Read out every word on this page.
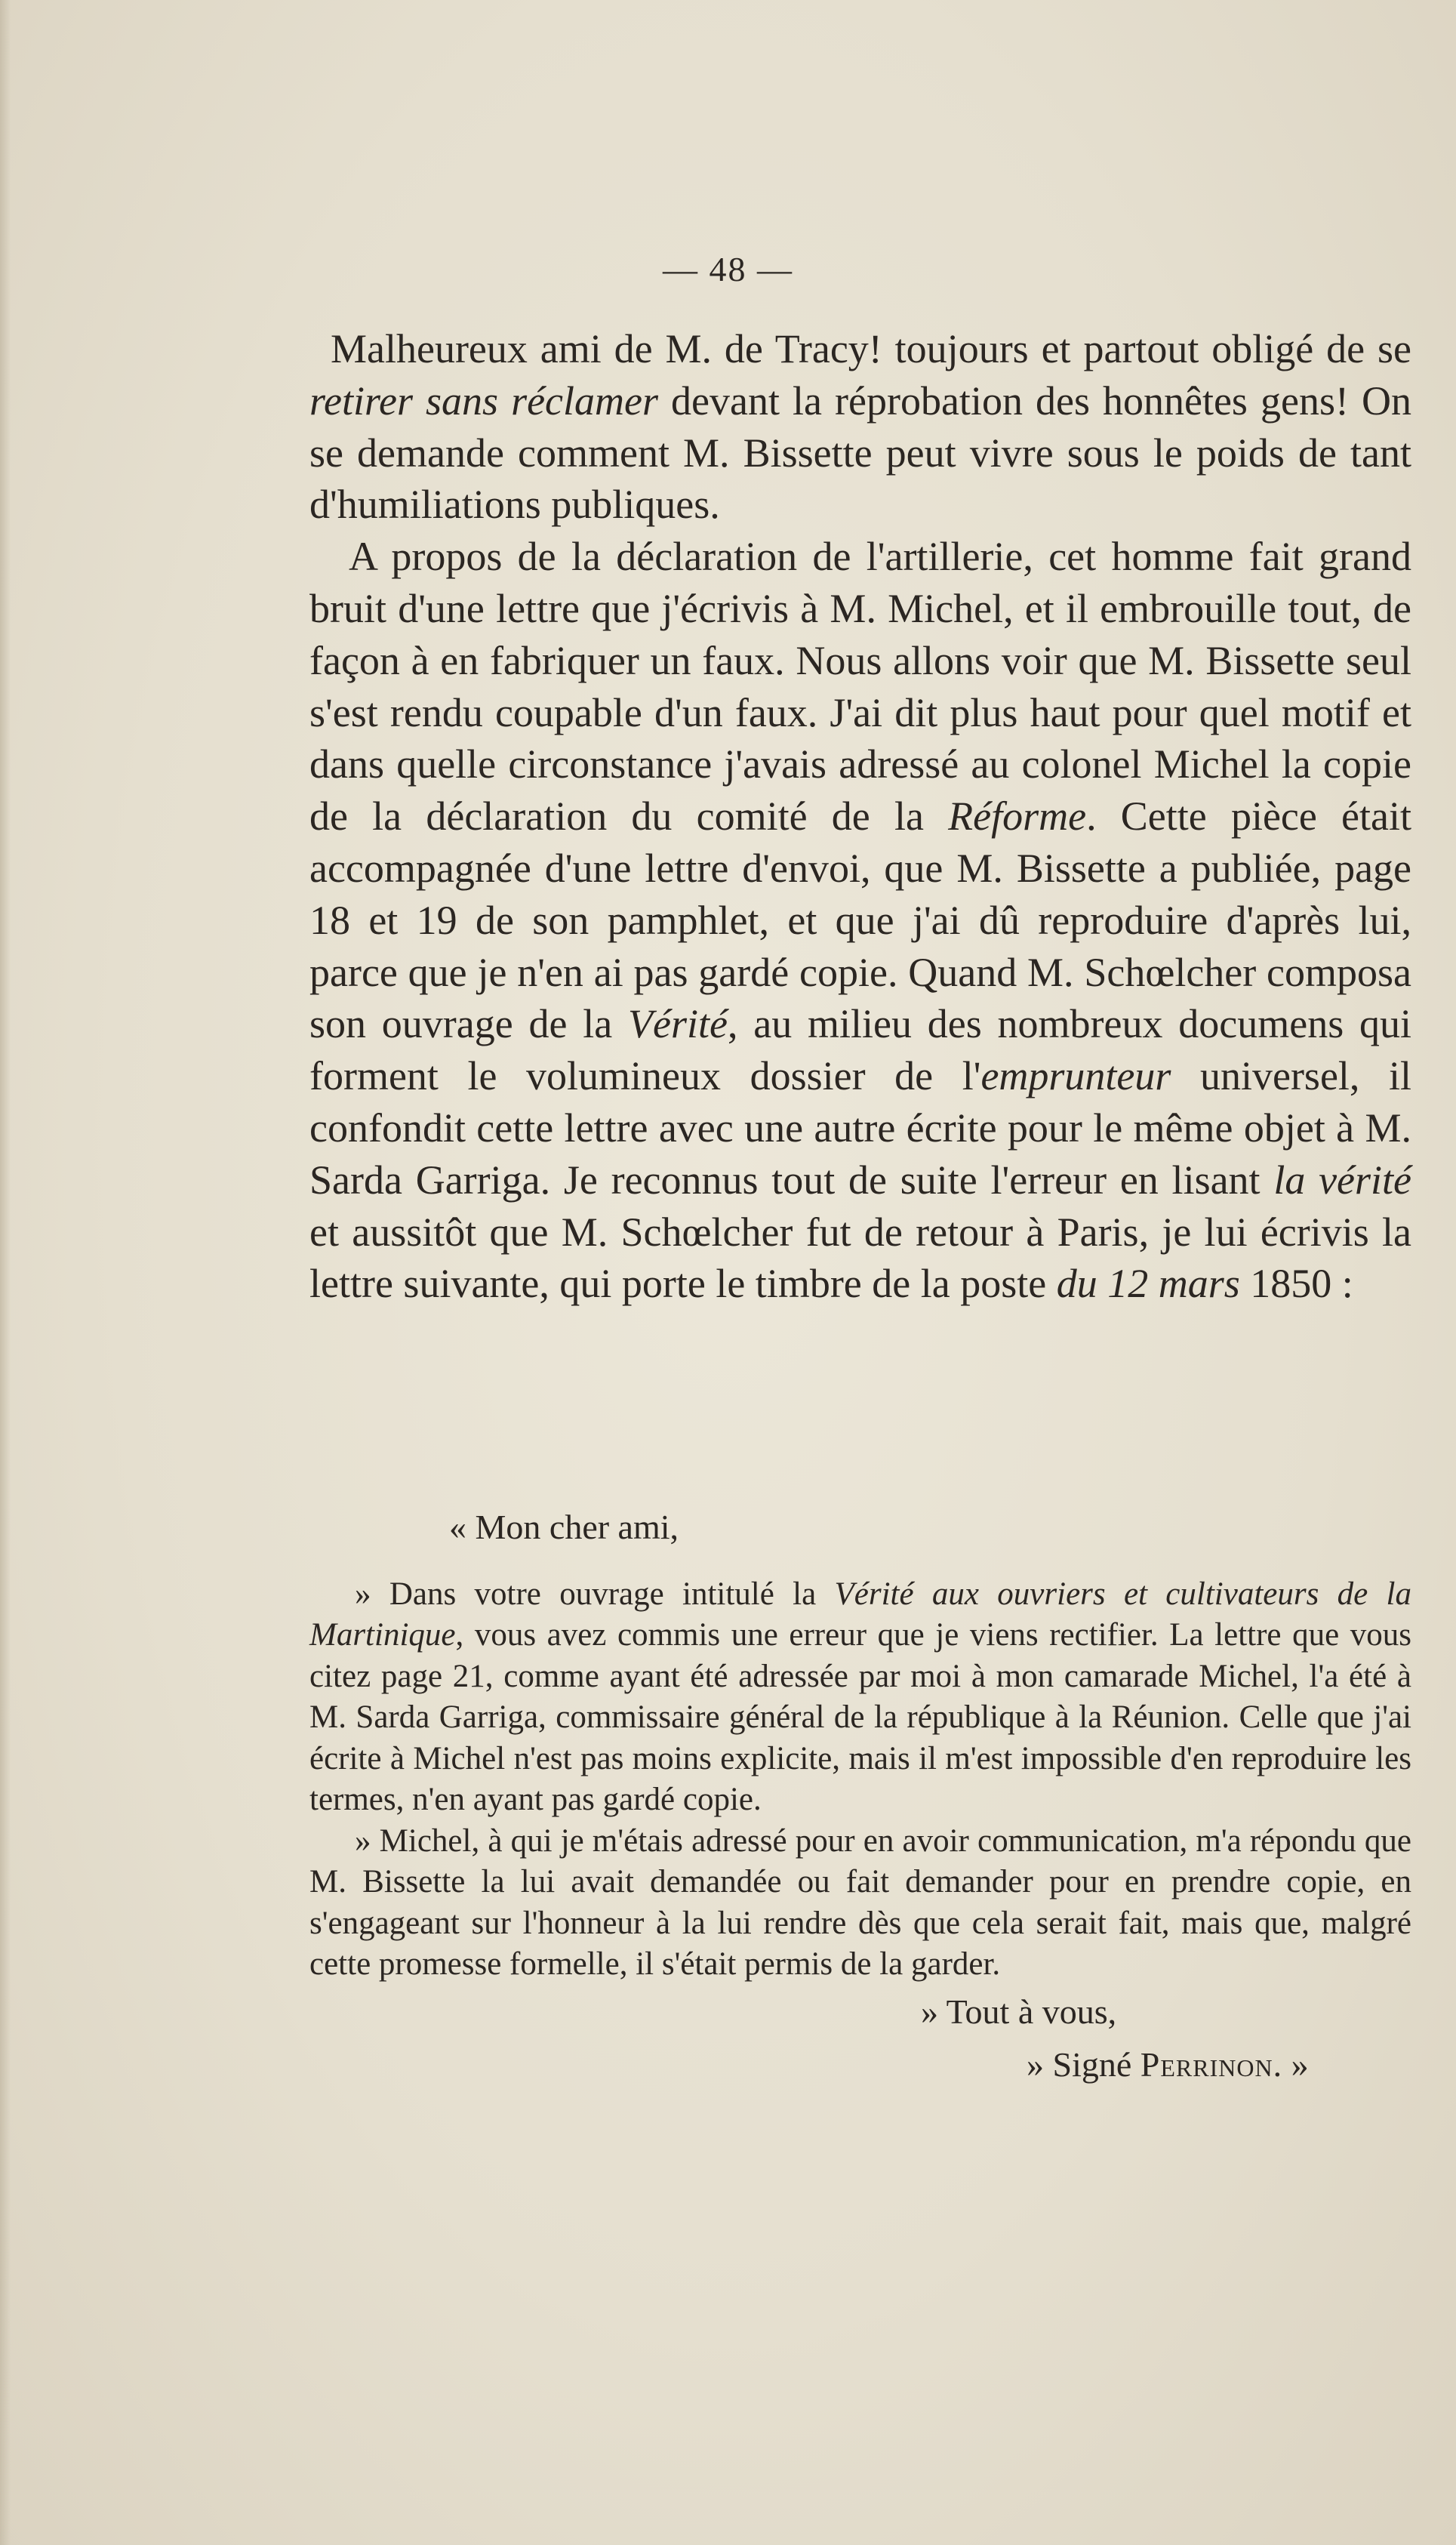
— 48 —

Malheureux ami de M. de Tracy! toujours et partout obligé de se retirer sans réclamer devant la réprobation des honnêtes gens! On se demande comment M. Bissette peut vivre sous le poids de tant d'humiliations publiques.

A propos de la déclaration de l'artillerie, cet homme fait grand bruit d'une lettre que j'écrivis à M. Michel, et il embrouille tout, de façon à en fabriquer un faux. Nous allons voir que M. Bissette seul s'est rendu coupable d'un faux. J'ai dit plus haut pour quel motif et dans quelle circonstance j'avais adressé au colonel Michel la copie de la déclaration du comité de la Réforme. Cette pièce était accompagnée d'une lettre d'envoi, que M. Bissette a publiée, page 18 et 19 de son pamphlet, et que j'ai dû reproduire d'après lui, parce que je n'en ai pas gardé copie. Quand M. Schœlcher composa son ouvrage de la Vérité, au milieu des nombreux documens qui forment le volumineux dossier de l'emprunteur universel, il confondit cette lettre avec une autre écrite pour le même objet à M. Sarda Garriga. Je reconnus tout de suite l'erreur en lisant la vérité et aussitôt que M. Schœlcher fut de retour à Paris, je lui écrivis la lettre suivante, qui porte le timbre de la poste du 12 mars 1850 :

« Mon cher ami,

» Dans votre ouvrage intitulé la Vérité aux ouvriers et cultivateurs de la Martinique, vous avez commis une erreur que je viens rectifier. La lettre que vous citez page 21, comme ayant été adressée par moi à mon camarade Michel, l'a été à M. Sarda Garriga, commissaire général de la république à la Réunion. Celle que j'ai écrite à Michel n'est pas moins explicite, mais il m'est impossible d'en reproduire les termes, n'en ayant pas gardé copie.

» Michel, à qui je m'étais adressé pour en avoir communication, m'a répondu que M. Bissette la lui avait demandée ou fait demander pour en prendre copie, en s'engageant sur l'honneur à la lui rendre dès que cela serait fait, mais que, malgré cette promesse formelle, il s'était permis de la garder.

» Tout à vous,

» Signé Perrinon. »
